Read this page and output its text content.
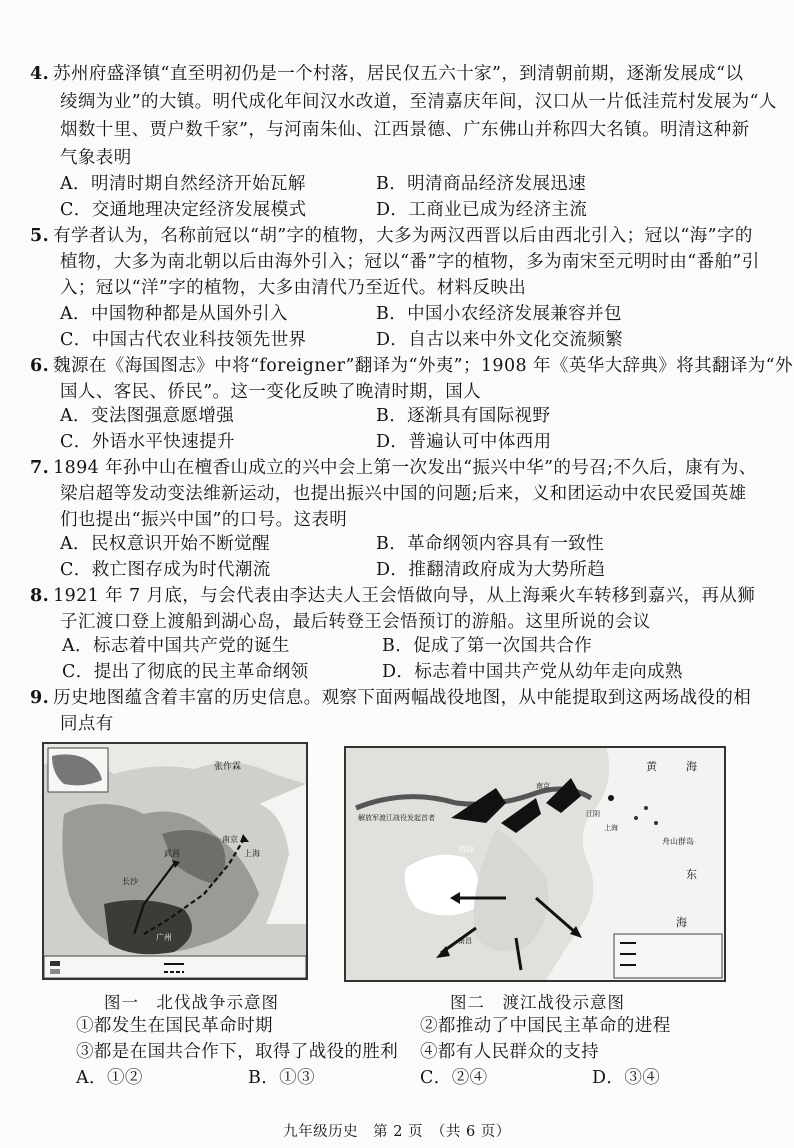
4. 苏州府盛泽镇“直至明初仍是一个村落，居民仅五六十家”，到清朝前期，逐渐发展成“以
绫绸为业”的大镇。明代成化年间汉水改道，至清嘉庆年间，汉口从一片低洼荒村发展为“人
烟数十里、贾户数千家”，与河南朱仙、江西景德、广东佛山并称四大名镇。明清这种新
气象表明
A．明清时期自然经济开始瓦解	B．明清商品经济发展迅速
C．交通地理决定经济发展模式	D．工商业已成为经济主流
5. 有学者认为，名称前冠以“胡”字的植物，大多为两汉西晋以后由西北引入；冠以“海”字的
植物，大多为南北朝以后由海外引入；冠以“番”字的植物，多为南宋至元明时由“番舶”引
入；冠以“洋”字的植物，大多由清代乃至近代。材料反映出
A．中国物种都是从国外引入	B．中国小农经济发展兼容并包
C．中国古代农业科技领先世界	D．自古以来中外文化交流频繁
6. 魏源在《海国图志》中将“foreigner”翻译为“外夷”；1908 年《英华大辞典》将其翻译为“外
国人、客民、侨民”。这一变化反映了晚清时期，国人
A．变法图强意愿增强	B．逐渐具有国际视野
C．外语水平快速提升	D．普遍认可中体西用
7. 1894 年孙中山在檀香山成立的兴中会上第一次发出“振兴中华”的号召;不久后，康有为、
梁启超等发动变法维新运动，也提出振兴中国的问题;后来，义和团运动中农民爱国英雄
们也提出“振兴中国”的口号。这表明
A．民权意识开始不断觉醒	B．革命纲领内容具有一致性
C．救亡图存成为时代潮流	D．推翻清政府成为大势所趋
8. 1921 年 7 月底，与会代表由李达夫人王会悟做向导，从上海乘火车转移到嘉兴，再从狮
子汇渡口登上渡船到湖心岛，最后转登王会悟预订的游船。这里所说的会议
A．标志着中国共产党的诞生	B．促成了第一次国共合作
C．提出了彻底的民主革命纲领	D．标志着中国共产党从幼年走向成熟
9. 历史地图蕴含着丰富的历史信息。观察下面两幅战役地图，从中能提取到这两场战役的相
同点有
张作霖
长沙
武昌
南京
上海
广州
黄	海
解放军渡江战役发起首者
南京
江阴
上海
舟山群岛
东
海
南昌
西线
图一　北伐战争示意图	图二　渡江战役示意图
①都发生在国民革命时期	②都推动了中国民主革命的进程
③都是在国共合作下，取得了战役的胜利 ④都有人民群众的支持
A．①②	B．①③	C．②④	D．③④
九年级历史　第 2 页　（共 6 页）
